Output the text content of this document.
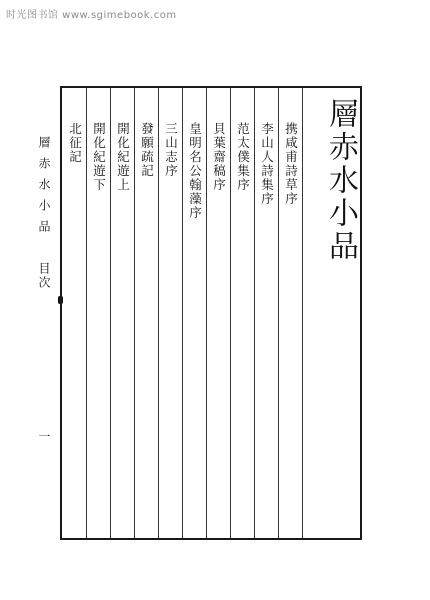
时光图书馆 www.sgimebook.com
層赤水小品
目次
一
層赤水小品
携咸甫詩草序
李山人詩集序
范太僕集序
貝葉齋稿序
皇明名公翰藻序
三山志序
發願疏記
開化紀遊上
開化紀遊下
北征記
